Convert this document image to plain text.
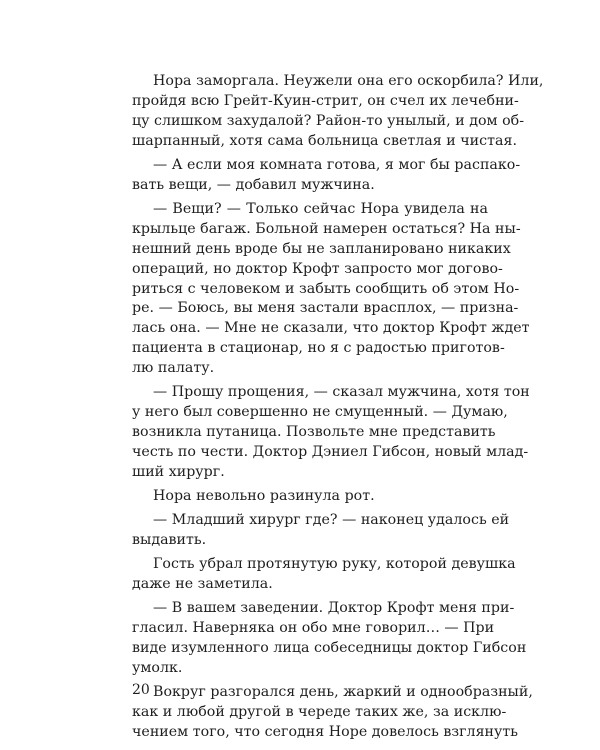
Нора заморгала. Неужели она его оскорбила? Или,
пройдя всю Грейт-Куин-стрит, он счел их лечебни-
цу слишком захудалой? Район-то унылый, и дом об-
шарпанный, хотя сама больница светлая и чистая.
— А если моя комната готова, я мог бы распако-
вать вещи, — добавил мужчина.
— Вещи? — Только сейчас Нора увидела на
крыльце багаж. Больной намерен остаться? На ны-
нешний день вроде бы не запланировано никаких
операций, но доктор Крофт запросто мог догово-
риться с человеком и забыть сообщить об этом Но-
ре. — Боюсь, вы меня застали врасплох, — призна-
лась она. — Мне не сказали, что доктор Крофт ждет
пациента в стационар, но я с радостью приготов-
лю палату.
— Прошу прощения, — сказал мужчина, хотя тон
у него был совершенно не смущенный. — Думаю,
возникла путаница. Позвольте мне представить
честь по чести. Доктор Дэниел Гибсон, новый млад-
ший хирург.
Нора невольно разинула рот.
— Младший хирург где? — наконец удалось ей
выдавить.
Гость убрал протянутую руку, которой девушка
даже не заметила.
— В вашем заведении. Доктор Крофт меня при-
гласил. Наверняка он обо мне говорил… — При
виде изумленного лица собеседницы доктор Гибсон
умолк.
Вокруг разгорался день, жаркий и однообразный,
как и любой другой в череде таких же, за исклю-
чением того, что сегодня Норе довелось взглянуть
20
